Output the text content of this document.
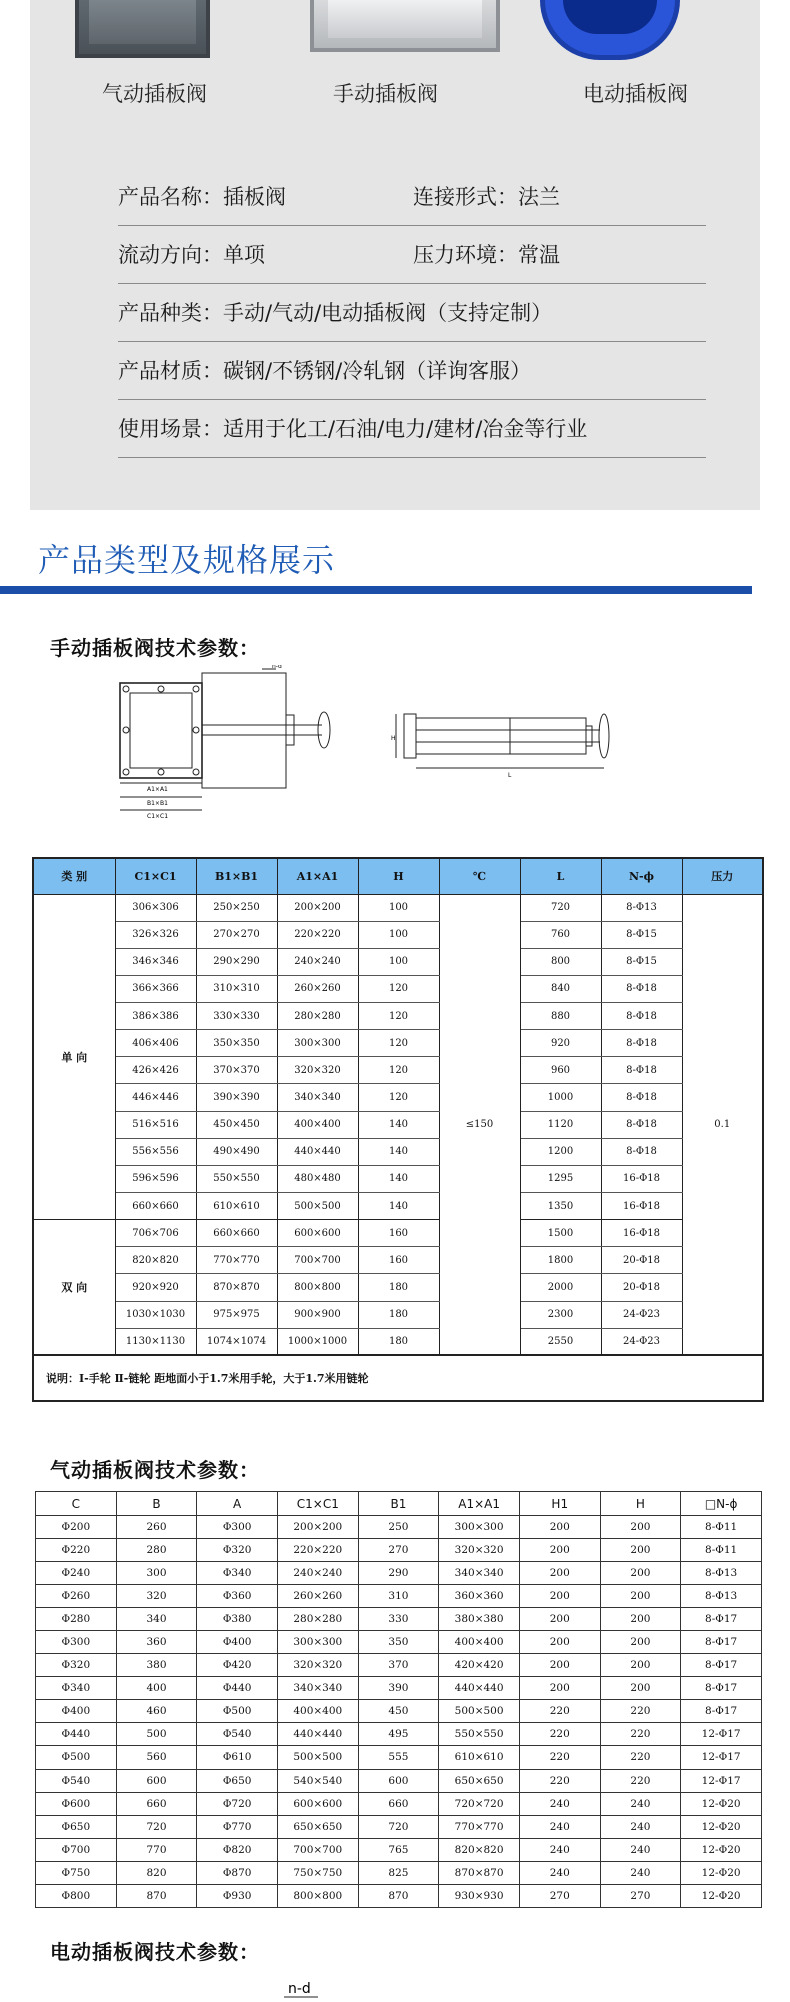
气动插板阀	手动插板阀	电动插板阀
产品名称：插板阀	连接形式：法兰
流动方向：单项	压力环境：常温
产品种类：手动/气动/电动插板阀（支持定制）
产品材质：碳钢/不锈钢/冷轧钢（详询客服）
使用场景：适用于化工/石油/电力/建材/冶金等行业
产品类型及规格展示
手动插板阀技术参数：
n-d
A1×A1
B1×B1
C1×C1
H
L
类 别	C1×C1	B1×B1	A1×A1	H	℃	L	N-ϕ	压力
单 向	306×306	250×250	200×200	100	≤150	720	8-Φ13	0.1
	326×326	270×270	220×220	100		760	8-Φ15	
	346×346	290×290	240×240	100		800	8-Φ15	
	366×366	310×310	260×260	120		840	8-Φ18	
	386×386	330×330	280×280	120		880	8-Φ18	
	406×406	350×350	300×300	120		920	8-Φ18	
	426×426	370×370	320×320	120		960	8-Φ18	
	446×446	390×390	340×340	120		1000	8-Φ18	
	516×516	450×450	400×400	140		1120	8-Φ18	
	556×556	490×490	440×440	140		1200	8-Φ18	
	596×596	550×550	480×480	140		1295	16-Φ18	
	660×660	610×610	500×500	140		1350	16-Φ18	
双 向	706×706	660×660	600×600	160		1500	16-Φ18	
	820×820	770×770	700×700	160		1800	20-Φ18	
	920×920	870×870	800×800	180		2000	20-Φ18	
	1030×1030	975×975	900×900	180		2300	24-Φ23	
	1130×1130	1074×1074	1000×1000	180		2550	24-Φ23	
说明：Ⅰ-手轮 Ⅱ-链轮 距地面小于1.7米用手轮，大于1.7米用链轮								
气动插板阀技术参数：
C	B	A	C1×C1	B1	A1×A1	H1	H	□N-ϕ
Φ200	260	Φ300	200×200	250	300×300	200	200	8-Φ11
Φ220	280	Φ320	220×220	270	320×320	200	200	8-Φ11
Φ240	300	Φ340	240×240	290	340×340	200	200	8-Φ13
Φ260	320	Φ360	260×260	310	360×360	200	200	8-Φ13
Φ280	340	Φ380	280×280	330	380×380	200	200	8-Φ17
Φ300	360	Φ400	300×300	350	400×400	200	200	8-Φ17
Φ320	380	Φ420	320×320	370	420×420	200	200	8-Φ17
Φ340	400	Φ440	340×340	390	440×440	200	200	8-Φ17
Φ400	460	Φ500	400×400	450	500×500	220	220	8-Φ17
Φ440	500	Φ540	440×440	495	550×550	220	220	12-Φ17
Φ500	560	Φ610	500×500	555	610×610	220	220	12-Φ17
Φ540	600	Φ650	540×540	600	650×650	220	220	12-Φ17
Φ600	660	Φ720	600×600	660	720×720	240	240	12-Φ20
Φ650	720	Φ770	650×650	720	770×770	240	240	12-Φ20
Φ700	770	Φ820	700×700	765	820×820	240	240	12-Φ20
Φ750	820	Φ870	750×750	825	870×870	240	240	12-Φ20
Φ800	870	Φ930	800×800	870	930×930	270	270	12-Φ20
电动插板阀技术参数：
n-d
